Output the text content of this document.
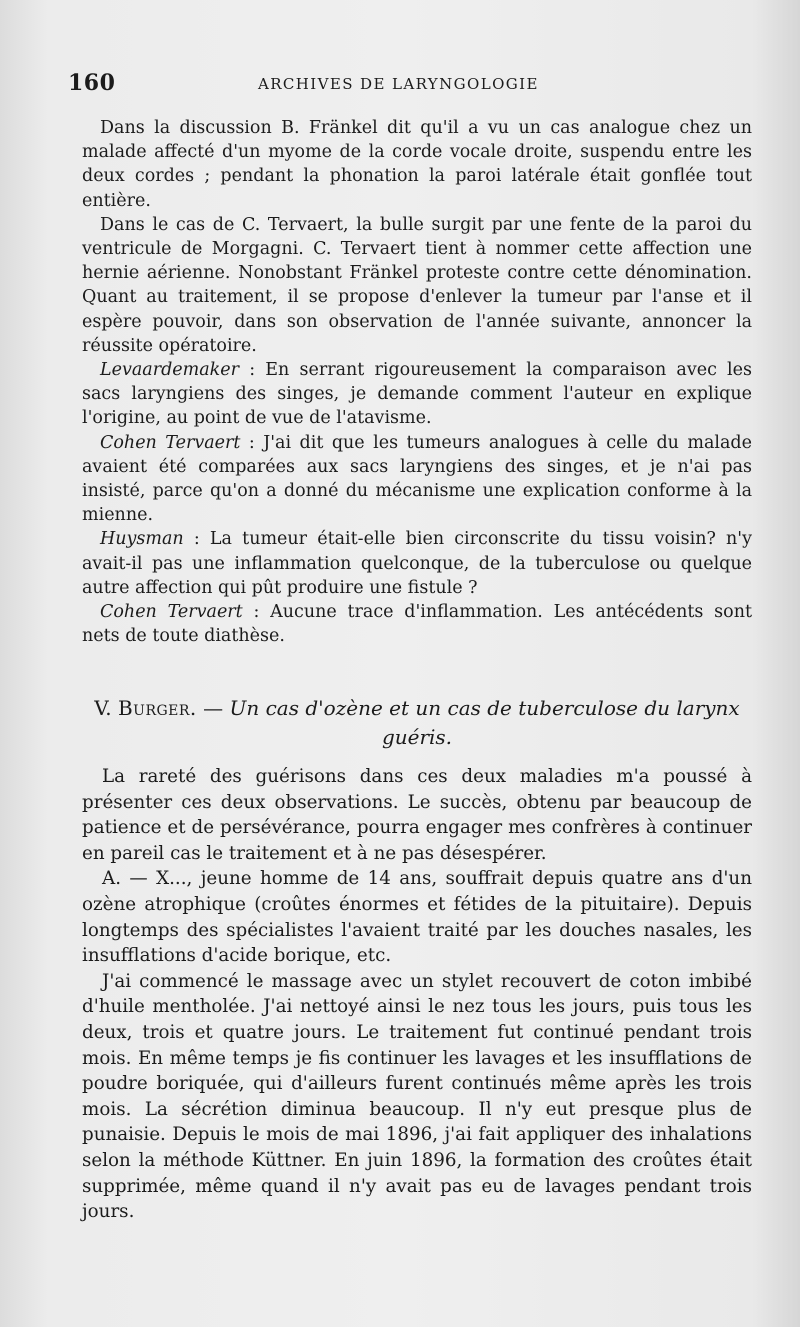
160	ARCHIVES DE LARYNGOLOGIE

Dans la discussion B. Fränkel dit qu'il a vu un cas analogue chez un malade affecté d'un myome de la corde vocale droite, suspendu entre les deux cordes ; pendant la phonation la paroi latérale était gonflée tout entière.

Dans le cas de C. Tervaert, la bulle surgit par une fente de la paroi du ventricule de Morgagni. C. Tervaert tient à nommer cette affection une hernie aérienne. Nonobstant Fränkel proteste contre cette dénomination. Quant au traitement, il se propose d'enlever la tumeur par l'anse et il espère pouvoir, dans son observation de l'année suivante, annoncer la réussite opératoire.

Levaardemaker : En serrant rigoureusement la comparaison avec les sacs laryngiens des singes, je demande comment l'auteur en explique l'origine, au point de vue de l'atavisme.

Cohen Tervaert : J'ai dit que les tumeurs analogues à celle du malade avaient été comparées aux sacs laryngiens des singes, et je n'ai pas insisté, parce qu'on a donné du mécanisme une explication conforme à la mienne.

Huysman : La tumeur était-elle bien circonscrite du tissu voisin? n'y avait-il pas une inflammation quelconque, de la tuberculose ou quelque autre affection qui pût produire une fistule ?

Cohen Tervaert : Aucune trace d'inflammation. Les antécédents sont nets de toute diathèse.

V. Burger. — Un cas d'ozène et un cas de tuberculose du larynx guéris.

La rareté des guérisons dans ces deux maladies m'a poussé à présenter ces deux observations. Le succès, obtenu par beaucoup de patience et de persévérance, pourra engager mes confrères à continuer en pareil cas le traitement et à ne pas désespérer.

A. — X..., jeune homme de 14 ans, souffrait depuis quatre ans d'un ozène atrophique (croûtes énormes et fétides de la pituitaire). Depuis longtemps des spécialistes l'avaient traité par les douches nasales, les insufflations d'acide borique, etc.

J'ai commencé le massage avec un stylet recouvert de coton imbibé d'huile mentholée. J'ai nettoyé ainsi le nez tous les jours, puis tous les deux, trois et quatre jours. Le traitement fut continué pendant trois mois. En même temps je fis continuer les lavages et les insufflations de poudre boriquée, qui d'ailleurs furent continués même après les trois mois. La sécrétion diminua beaucoup. Il n'y eut presque plus de punaisie. Depuis le mois de mai 1896, j'ai fait appliquer des inhalations selon la méthode Küttner. En juin 1896, la formation des croûtes était supprimée, même quand il n'y avait pas eu de lavages pendant trois jours.
